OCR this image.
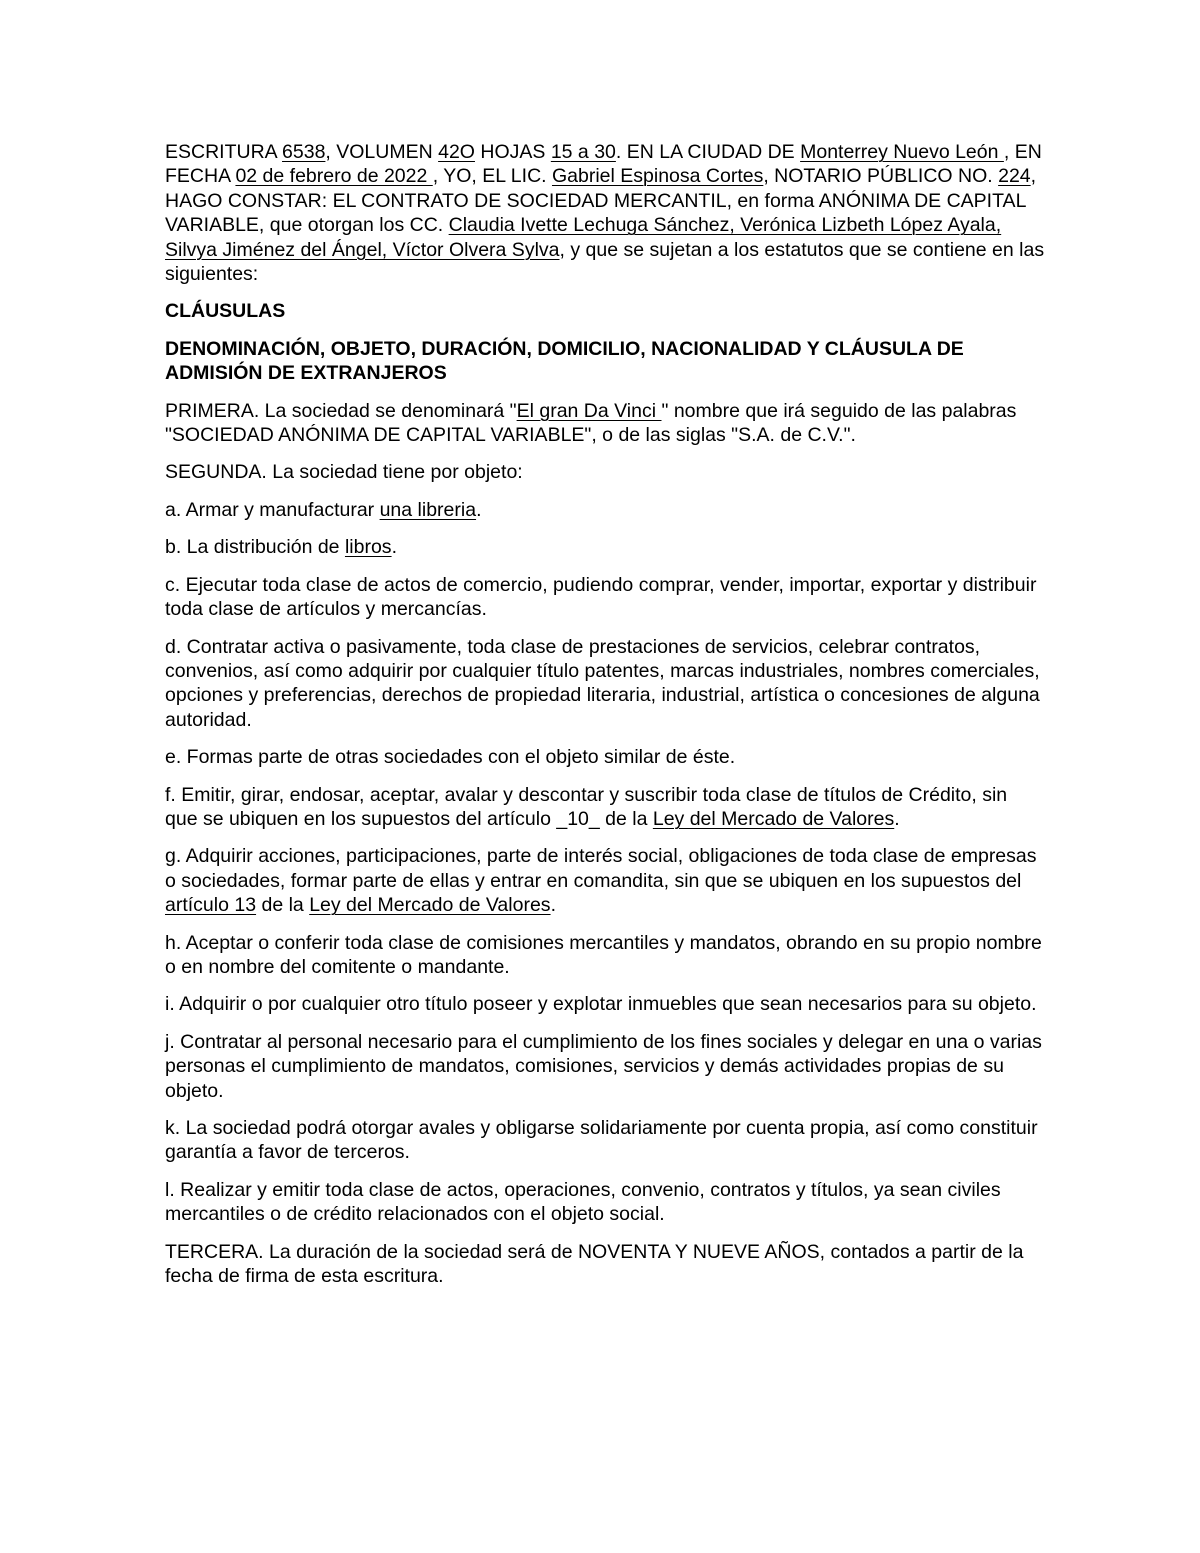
ESCRITURA 6538, VOLUMEN 42O HOJAS 15 a 30. EN LA CIUDAD DE Monterrey Nuevo León , EN FECHA 02 de febrero de 2022 , YO, EL LIC. Gabriel Espinosa Cortes, NOTARIO PÚBLICO NO. 224, HAGO CONSTAR: EL CONTRATO DE SOCIEDAD MERCANTIL, en forma ANÓNIMA DE CAPITAL VARIABLE, que otorgan los CC. Claudia Ivette Lechuga Sánchez, Verónica Lizbeth López Ayala, Silvya Jiménez del Ángel, Víctor Olvera Sylva, y que se sujetan a los estatutos que se contiene en las siguientes:

CLÁUSULAS

DENOMINACIÓN, OBJETO, DURACIÓN, DOMICILIO, NACIONALIDAD Y CLÁUSULA DE ADMISIÓN DE EXTRANJEROS

PRIMERA. La sociedad se denominará "El gran Da Vinci " nombre que irá seguido de las palabras "SOCIEDAD ANÓNIMA DE CAPITAL VARIABLE", o de las siglas "S.A. de C.V.".

SEGUNDA. La sociedad tiene por objeto:

a. Armar y manufacturar una libreria.

b. La distribución de libros.

c. Ejecutar toda clase de actos de comercio, pudiendo comprar, vender, importar, exportar y distribuir toda clase de artículos y mercancías.

d. Contratar activa o pasivamente, toda clase de prestaciones de servicios, celebrar contratos, convenios, así como adquirir por cualquier título patentes, marcas industriales, nombres comerciales, opciones y preferencias, derechos de propiedad literaria, industrial, artística o concesiones de alguna autoridad.

e. Formas parte de otras sociedades con el objeto similar de éste.

f. Emitir, girar, endosar, aceptar, avalar y descontar y suscribir toda clase de títulos de Crédito, sin que se ubiquen en los supuestos del artículo _10_ de la Ley del Mercado de Valores.

g. Adquirir acciones, participaciones, parte de interés social, obligaciones de toda clase de empresas o sociedades, formar parte de ellas y entrar en comandita, sin que se ubiquen en los supuestos del artículo 13 de la Ley del Mercado de Valores.

h. Aceptar o conferir toda clase de comisiones mercantiles y mandatos, obrando en su propio nombre o en nombre del comitente o mandante.

i. Adquirir o por cualquier otro título poseer y explotar inmuebles que sean necesarios para su objeto.

j. Contratar al personal necesario para el cumplimiento de los fines sociales y delegar en una o varias personas el cumplimiento de mandatos, comisiones, servicios y demás actividades propias de su objeto.

k. La sociedad podrá otorgar avales y obligarse solidariamente por cuenta propia, así como constituir garantía a favor de terceros.

l. Realizar y emitir toda clase de actos, operaciones, convenio, contratos y títulos, ya sean civiles mercantiles o de crédito relacionados con el objeto social.

TERCERA. La duración de la sociedad será de NOVENTA Y NUEVE AÑOS, contados a partir de la fecha de firma de esta escritura.
